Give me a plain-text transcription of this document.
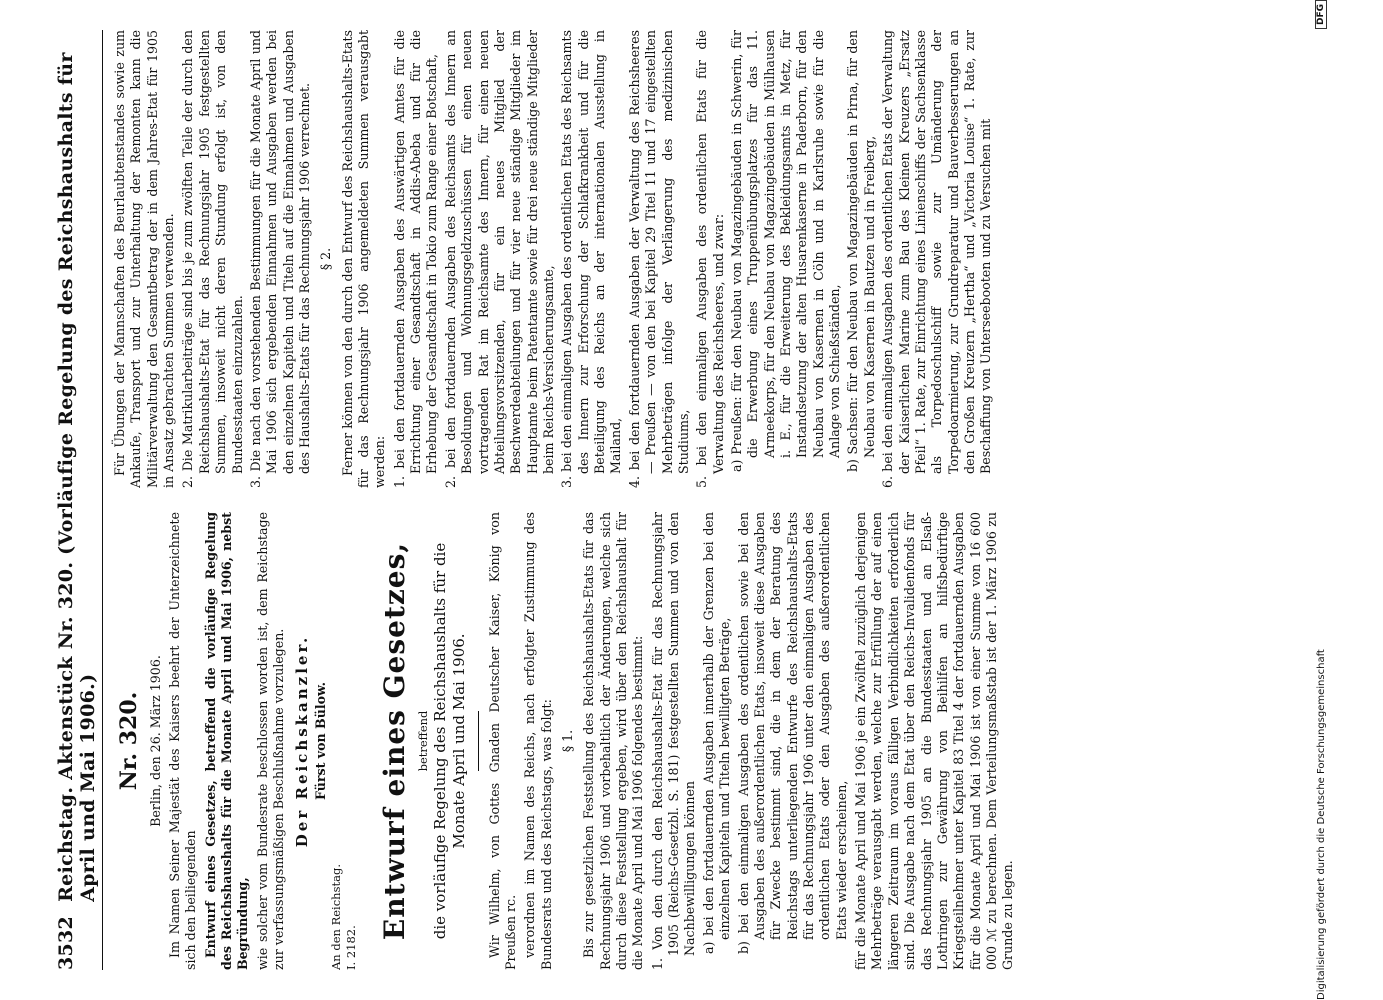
3532
Reichstag. Aktenstück Nr. 320. (Vorläufige Regelung des Reichshaushalts für April und Mai 1906.) Nr. 320. Berlin, den 26. März 1906. Im Namen Seiner Majestät des Kaisers beehrt der Unterzeichnete sich den beiliegenden Entwurf eines Gesetzes, betreffend die vorläufige Regelung des Reichshaushalts für die Monate April und Mai 1906, nebst Begründung, wie solcher vom Bundesrate beschlossen worden ist, dem Reichstage zur verfassungsmäßigen Beschlußnahme vorzulegen. Der Reichskanzler. Fürst von Bülow.
An den Reichstag. I. 2182.
Entwurf eines Gesetzes, betreffend die vorläufige Regelung des Reichshaushalts für die Monate April und Mai 1906. Wir Wilhelm, von Gottes Gnaden Deutscher Kaiser, König von Preußen rc. verordnen im Namen des Reichs, nach erfolgter Zustimmung des Bundesrats und des Reichstags, was folgt: § 1. Bis zur gesetzlichen Feststellung des Reichshaushalts-Etats für das Rechnungsjahr 1906 und vorbehaltlich der Änderungen, welche sich durch diese Feststellung ergeben, wird über den Reichshaushalt für die Monate April und Mai 1906 folgendes bestimmt: 1. Von den durch den Reichshaushalts-Etat für das Rechnungsjahr 1905 (Reichs-Gesetzbl. S. 181) festgestellten Summen und von den Nachbewilligungen können a) bei den fortdauernden Ausgaben innerhalb der Grenzen bei den einzelnen Kapiteln und Titeln bewilligten Beträge, b) bei den einmaligen Ausgaben des ordentlichen sowie bei den Ausgaben des außerordentlichen Etats, insoweit diese Ausgaben für Zwecke bestimmt sind, die in dem der Beratung des Reichstags unterliegenden Entwurfe des Reichshaushalts-Etats für das Rechnungsjahr 1906 unter den einmaligen Ausgaben des ordentlichen Etats oder den Ausgaben des außerordentlichen Etats wieder erscheinen, für die Monate April und Mai 1906 je ein Zwölftel zuzüglich derjenigen Mehrbeträge verausgabt werden, welche zur Erfüllung der auf einen längeren Zeitraum im voraus fälligen Verbindlichkeiten erforderlich sind. Die Ausgabe nach dem Etat über den Reichs-Invalidenfonds für das Rechnungsjahr 1905 an die Bundesstaaten und an Elsaß-Lothringen zur Gewährung von Beihilfen an hilfsbedürftige Kriegsteilnehmer unter Kapitel 83 Titel 4 der fortdauernden Ausgaben für die Monate April und Mai 1906 ist von einer Summe von 16 600 000 ℳ zu berechnen. Dem Verteilungsmaßstab ist der 1. März 1906 zu Grunde zu legen.

Für Übungen der Mannschaften des Beurlaubtenstandes sowie zum Ankaufe, Transport und zur Unterhaltung der Remonten kann die Militärverwaltung den Gesamtbetrag der in dem Jahres-Etat für 1905 in Ansatz gebrachten Summen verwenden. 2. Die Matrikularbeiträge sind bis je zum zwölften Teile der durch den Reichshaushalts-Etat für das Rechnungsjahr 1905 festgestellten Summen, insoweit nicht deren Stundung erfolgt ist, von den Bundesstaaten einzuzahlen. 3. Die nach den vorstehenden Bestimmungen für die Monate April und Mai 1906 sich ergebenden Einnahmen und Ausgaben werden bei den einzelnen Kapiteln und Titeln auf die Einnahmen und Ausgaben des Haushalts-Etats für das Rechnungsjahr 1906 verrechnet. § 2. Ferner können von den durch den Entwurf des Reichshaushalts-Etats für das Rechnungsjahr 1906 angemeldeten Summen verausgabt werden: 1. bei den fortdauernden Ausgaben des Auswärtigen Amtes für die Errichtung einer Gesandtschaft in Addis-Abeba und für die Erhebung der Gesandtschaft in Tokio zum Range einer Botschaft, 2. bei den fortdauernden Ausgaben des Reichsamts des Innern an Besoldungen und Wohnungsgeldzuschüssen für einen neuen vortragenden Rat im Reichsamte des Innern, für einen neuen Abteilungsvorsitzenden, für ein neues Mitglied der Beschwerdeabteilungen und für vier neue ständige Mitglieder im Hauptamte beim Patentamte sowie für drei neue ständige Mitglieder beim Reichs-Versicherungsamte, 3. bei den einmaligen Ausgaben des ordentlichen Etats des Reichsamts des Innern zur Erforschung der Schlafkrankheit und für die Beteiligung des Reichs an der internationalen Ausstellung in Mailand, 4. bei den fortdauernden Ausgaben der Verwaltung des Reichsheeres — Preußen — von den bei Kapitel 29 Titel 11 und 17 eingestellten Mehrbeträgen infolge der Verlängerung des medizinischen Studiums, 5. bei den einmaligen Ausgaben des ordentlichen Etats für die Verwaltung des Reichsheeres, und zwar: a) Preußen: für den Neubau von Magazingebäuden in Schwerin, für die Erwerbung eines Truppenübungsplatzes für das 11. Armeekorps, für den Neubau von Magazingebäuden in Mülhausen i. E., für die Erweiterung des Bekleidungsamts in Metz, für Instandsetzung der alten Husarenkaserne in Paderborn, für den Neubau von Kasernen in Cöln und in Karlsruhe sowie für die Anlage von Schießständen, b) Sachsen: für den Neubau von Magazingebäuden in Pirna, für den Neubau von Kasernen in Bautzen und in Freiberg, 6. bei den einmaligen Ausgaben des ordentlichen Etats der Verwaltung der Kaiserlichen Marine zum Bau des Kleinen Kreuzers „Ersatz Pfeil“ 1. Rate, zur Einrichtung eines Linienschiffs der Sachsenklasse als Torpedoschulschiff sowie zur Umänderung der Torpedoarmierung, zur Grundreparatur und Bauverbesserungen an den Großen Kreuzern „Hertha“ und „Victoria Louise“ 1. Rate, zur Beschaffung von Unterseebooten und zu Versuchen mit
Digitalisierung gefördert durch die Deutsche Forschungsgemeinschaft
DFG
